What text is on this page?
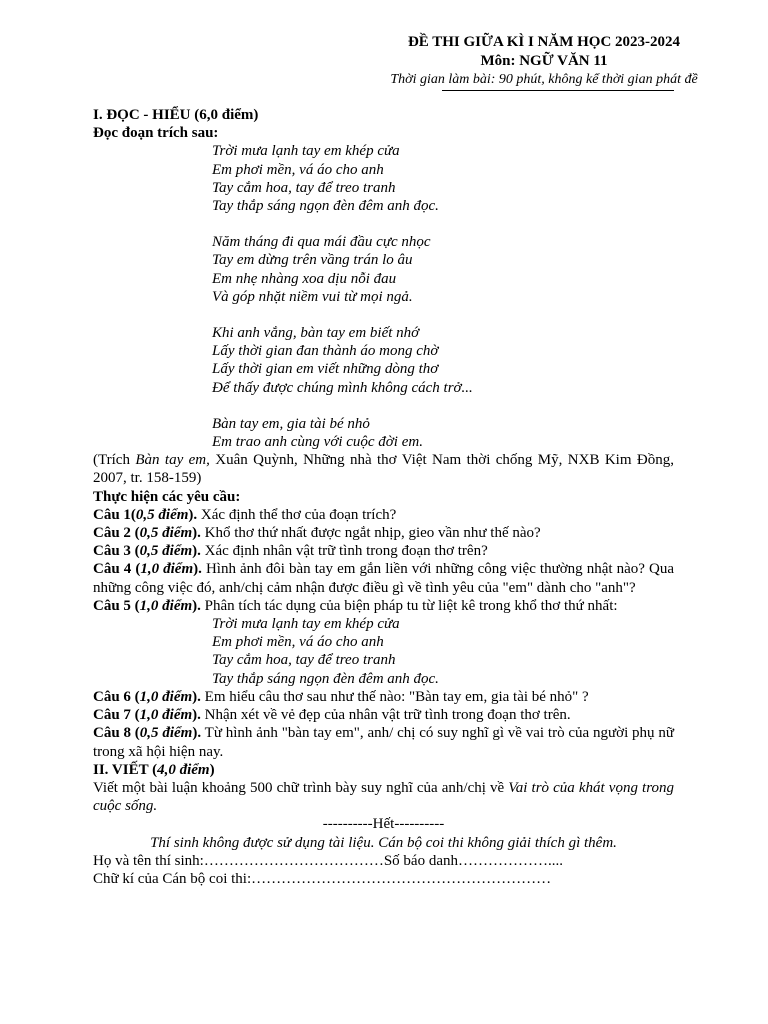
ĐỀ THI GIỮA KÌ I NĂM HỌC 2023-2024
Môn: NGỮ VĂN 11
Thời gian làm bài: 90 phút, không kể thời gian phát đề
I. ĐỌC - HIỂU (6,0 điểm)
Đọc đoạn trích sau:
Trời mưa lạnh tay em khép cửa
Em phơi mền, vá áo cho anh
Tay cắm hoa, tay để treo tranh
Tay thắp sáng ngọn đèn đêm anh đọc.
Năm tháng đi qua mái đầu cực nhọc
Tay em dừng trên vầng trán lo âu
Em nhẹ nhàng xoa dịu nỗi đau
Và góp nhặt niềm vui từ mọi ngả.
Khi anh vắng, bàn tay em biết nhớ
Lấy thời gian đan thành áo mong chờ
Lấy thời gian em viết những dòng thơ
Để thấy được chúng mình không cách trở...
Bàn tay em, gia tài bé nhỏ
Em trao anh cùng với cuộc đời em.
(Trích Bàn tay em, Xuân Quỳnh, Những nhà thơ Việt Nam thời chống Mỹ, NXB Kim Đồng, 2007, tr. 158-159)
Thực hiện các yêu cầu:
Câu 1(0,5 điểm). Xác định thể thơ của đoạn trích?
Câu 2 (0,5 điểm). Khổ thơ thứ nhất được ngắt nhịp, gieo vần như thế nào?
Câu 3 (0,5 điểm). Xác định nhân vật trữ tình trong đoạn thơ trên?
Câu 4 (1,0 điểm). Hình ảnh đôi bàn tay em gắn liền với những công việc thường nhật nào? Qua những công việc đó, anh/chị cảm nhận được điều gì về tình yêu của "em" dành cho "anh"?
Câu 5 (1,0 điểm). Phân tích tác dụng của biện pháp tu từ liệt kê trong khổ thơ thứ nhất:
Trời mưa lạnh tay em khép cửa
Em phơi mền, vá áo cho anh
Tay cắm hoa, tay để treo tranh
Tay thắp sáng ngọn đèn đêm anh đọc.
Câu 6 (1,0 điểm). Em hiểu câu thơ sau như thế nào: "Bàn tay em, gia tài bé nhỏ" ?
Câu 7 (1,0 điểm). Nhận xét về vẻ đẹp của nhân vật trữ tình trong đoạn thơ trên.
Câu 8 (0,5 điểm). Từ hình ảnh "bàn tay em", anh/ chị có suy nghĩ gì về vai trò của người phụ nữ trong xã hội hiện nay.
II. VIẾT (4,0 điểm)
Viết một bài luận khoảng 500 chữ trình bày suy nghĩ của anh/chị về Vai trò của khát vọng trong cuộc sống.
----------Hết----------
Thí sinh không được sử dụng tài liệu. Cán bộ coi thi không giải thích gì thêm.
Họ và tên thí sinh:………………………………Số báo danh………………....
Chữ kí của Cán bộ coi thi:……………………………………………………
